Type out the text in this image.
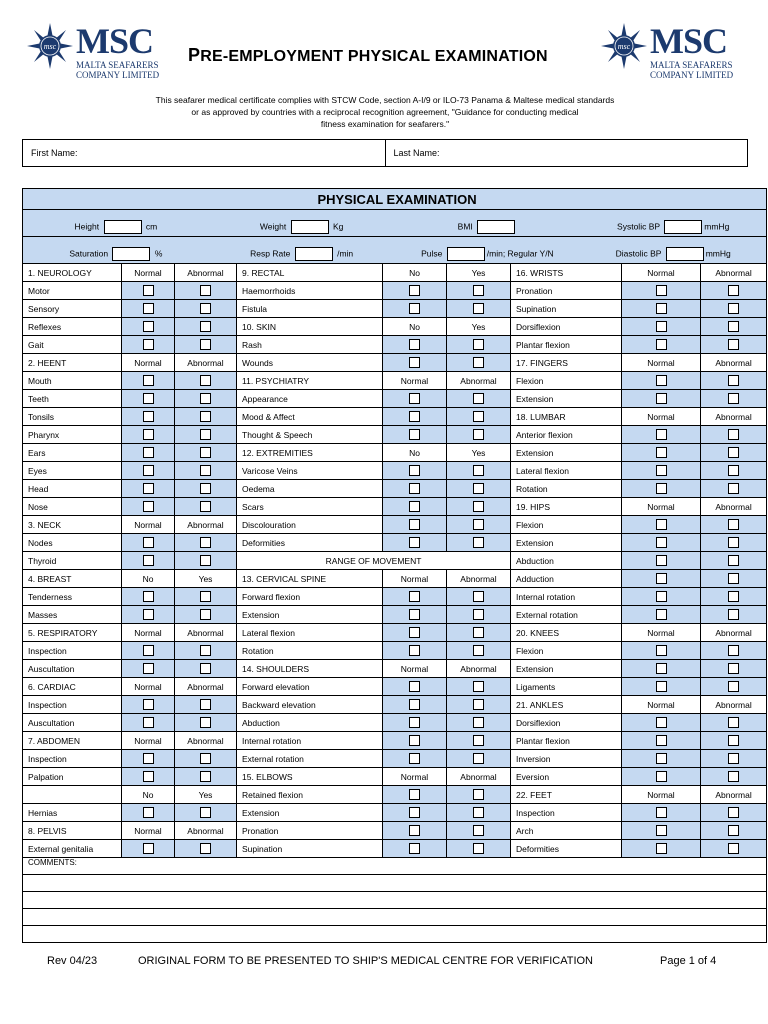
msc MSC
MALTA SEAFARERS
COMPANY LIMITED
msc MSC
MALTA SEAFARERS
COMPANY LIMITED
PRE-EMPLOYMENT PHYSICAL EXAMINATION
This seafarer medical certificate complies with STCW Code, section A-I/9 or ILO-73 Panama & Maltese medical standards
or as approved by countries with a reciprocal recognition agreement, "Guidance for conducting medical
fitness examination for seafarers."
First Name:	Last Name:
PHYSICAL EXAMINATION								

Height cm Weight Kg BMI Systolic BP mmHg								

Saturation % Resp Rate /min Pulse /min; Regular Y/N Diastolic BP mmHg								

1. NEUROLOGY	Normal	Abnormal	9. RECTAL	No	Yes	16. WRISTS	Normal	Abnormal
Motor			Haemorrhoids			Pronation		
Sensory			Fistula			Supination		
Reflexes			10. SKIN	No	Yes	Dorsiflexion		
Gait			Rash			Plantar flexion		
2. HEENT	Normal	Abnormal	Wounds			17. FINGERS	Normal	Abnormal
Mouth			11. PSYCHIATRY	Normal	Abnormal	Flexion		
Teeth			Appearance			Extension		
Tonsils			Mood & Affect			18. LUMBAR	Normal	Abnormal
Pharynx			Thought & Speech			Anterior flexion		
Ears			12. EXTREMITIES	No	Yes	Extension		
Eyes			Varicose Veins			Lateral flexion		
Head			Oedema			Rotation		
Nose			Scars			19. HIPS	Normal	Abnormal
3. NECK	Normal	Abnormal	Discolouration			Flexion		
Nodes			Deformities			Extension		
Thyroid			RANGE OF MOVEMENT			Abduction		
4. BREAST	No	Yes	13. CERVICAL SPINE	Normal	Abnormal	Adduction		
Tenderness			Forward flexion			Internal rotation		
Masses			Extension			External rotation		
5. RESPIRATORY	Normal	Abnormal	Lateral flexion			20. KNEES	Normal	Abnormal
Inspection			Rotation			Flexion		
Auscultation			14. SHOULDERS	Normal	Abnormal	Extension		
6. CARDIAC	Normal	Abnormal	Forward elevation			Ligaments		
Inspection			Backward elevation			21. ANKLES	Normal	Abnormal
Auscultation			Abduction			Dorsiflexion		
7. ABDOMEN	Normal	Abnormal	Internal rotation			Plantar flexion		
Inspection			External rotation			Inversion		
Palpation			15. ELBOWS	Normal	Abnormal	Eversion		
	No	Yes	Retained flexion			22. FEET	Normal	Abnormal
Hernias			Extension			Inspection		
8. PELVIS	Normal	Abnormal	Pronation			Arch		
External genitalia			Supination			Deformities		
COMMENTS:								

Rev 04/23	ORIGINAL FORM TO BE PRESENTED TO SHIP'S MEDICAL CENTRE FOR VERIFICATION	Page 1 of 4
